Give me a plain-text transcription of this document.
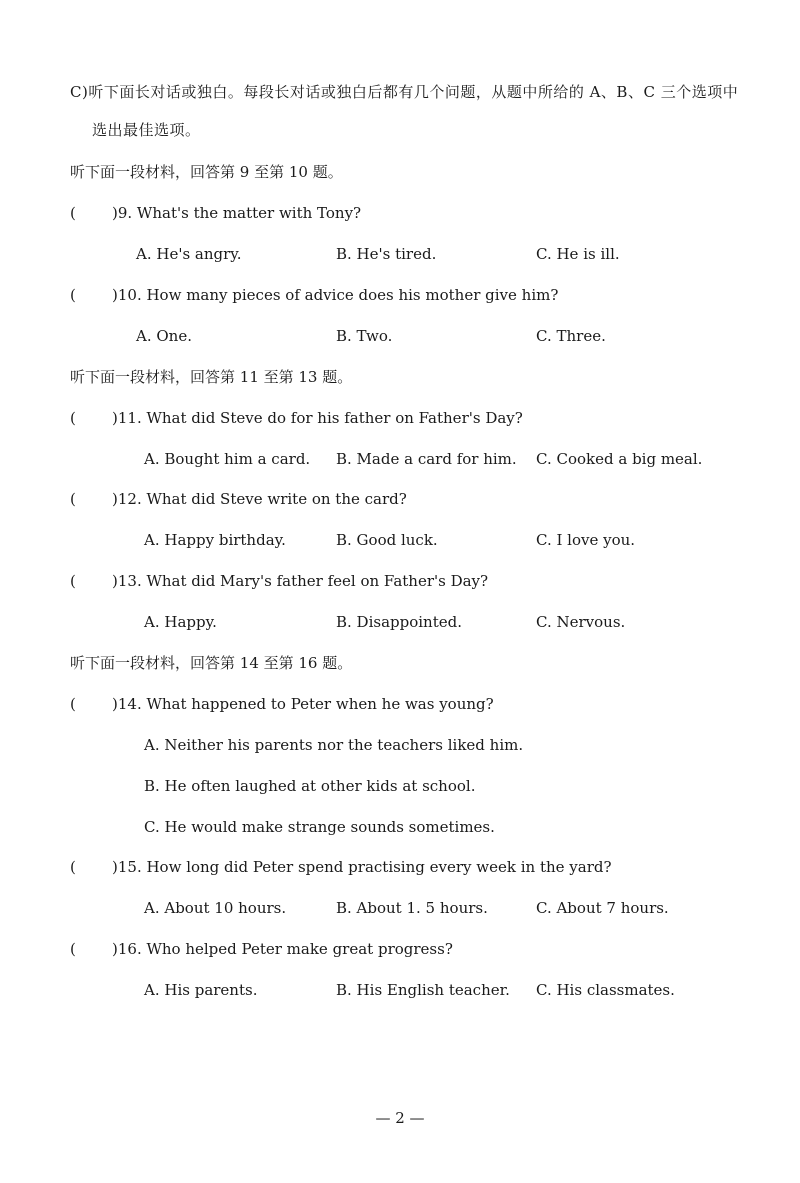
C)听下面长对话或独白。每段长对话或独白后都有几个问题，从题中所给的 A、B、C 三个选项中
选出最佳选项。
听下面一段材料，回答第 9 至第 10 题。
( )9. What's the matter with Tony?
A. He's angry.	B. He's tired.	C. He is ill.
( )10. How many pieces of advice does his mother give him?
A. One.	B. Two.	C. Three.
听下面一段材料，回答第 11 至第 13 题。
( )11. What did Steve do for his father on Father's Day?
A. Bought him a card. B. Made a card for him. C. Cooked a big meal.
( )12. What did Steve write on the card?
A. Happy birthday.	B. Good luck.	C. I love you.
( )13. What did Mary's father feel on Father's Day?
A. Happy.	B. Disappointed.	C. Nervous.
听下面一段材料，回答第 14 至第 16 题。
( )14. What happened to Peter when he was young?
A. Neither his parents nor the teachers liked him.
B. He often laughed at other kids at school.
C. He would make strange sounds sometimes.
( )15. How long did Peter spend practising every week in the yard?
A. About 10 hours.	B. About 1. 5 hours.	C. About 7 hours.
( )16. Who helped Peter make great progress?
A. His parents.	B. His English teacher. C. His classmates.
— 2 —
